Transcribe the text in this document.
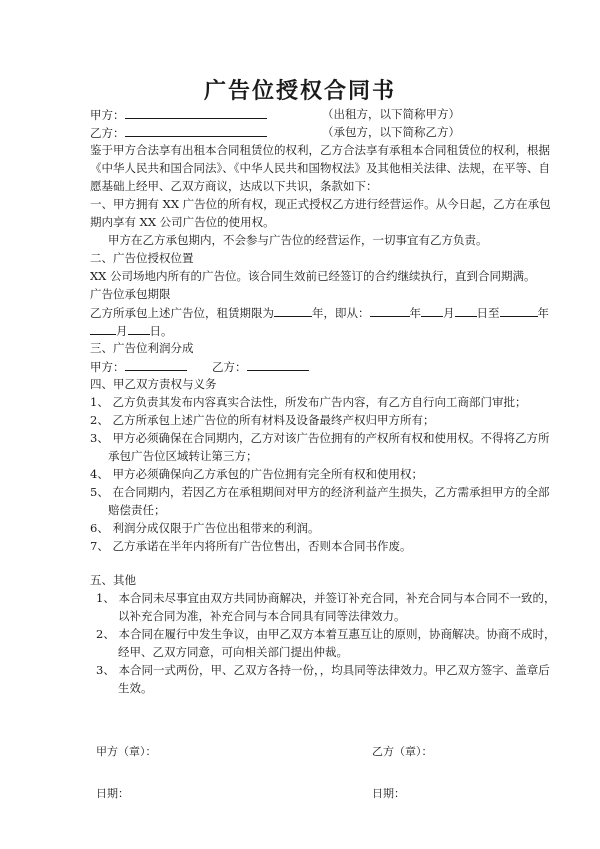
广告位授权合同书
甲方：	（出租方，以下简称甲方）
乙方：	（承包方，以下简称乙方）
鉴于甲方合法享有出租本合同租赁位的权利，乙方合法享有承租本合同租赁位的权利，根据
《中华人民共和国合同法》、《中华人民共和国物权法》及其他相关法律、法规，在平等、自
愿基础上经甲、乙双方商议，达成以下共识，条款如下：
一、甲方拥有 XX 广告位的所有权，现正式授权乙方进行经营运作。从今日起，乙方在承包
期内享有 XX 公司广告位的使用权。
甲方在乙方承包期内，不会参与广告位的经营运作，一切事宜有乙方负责。
二、广告位授权位置
XX 公司场地内所有的广告位。该合同生效前已经签订的合约继续执行，直到合同期满。
广告位承包期限
乙方所承包上述广告位，租赁期限为	年，即从：	年 月 日至	年
月 日。
三、广告位利润分成
甲方：	乙方：
四、甲乙双方责权与义务
1、 乙方负责其发布内容真实合法性，所发布广告内容，有乙方自行向工商部门审批；
2、 乙方所承包上述广告位的所有材料及设备最终产权归甲方所有；
3、 甲方必须确保在合同期内，乙方对该广告位拥有的产权所有权和使用权。不得将乙方所
承包广告位区域转让第三方；
4、 甲方必须确保向乙方承包的广告位拥有完全所有权和使用权；
5、 在合同期内，若因乙方在承租期间对甲方的经济利益产生损失，乙方需承担甲方的全部
赔偿责任；
6、 利润分成仅限于广告位出租带来的利润。
7、 乙方承诺在半年内将所有广告位售出，否则本合同书作废。
五、其他
1、 本合同未尽事宜由双方共同协商解决，并签订补充合同，补充合同与本合同不一致的，
以补充合同为准，补充合同与本合同具有同等法律效力。
2、 本合同在履行中发生争议，由甲乙双方本着互惠互让的原则，协商解决。协商不成时，
经甲、乙双方同意，可向相关部门提出仲裁。
3、 本合同一式两份，甲、乙双方各持一份，，均具同等法律效力。甲乙双方签字、盖章后
生效。
甲方（章）：	乙方（章）：
日期：	日期：
